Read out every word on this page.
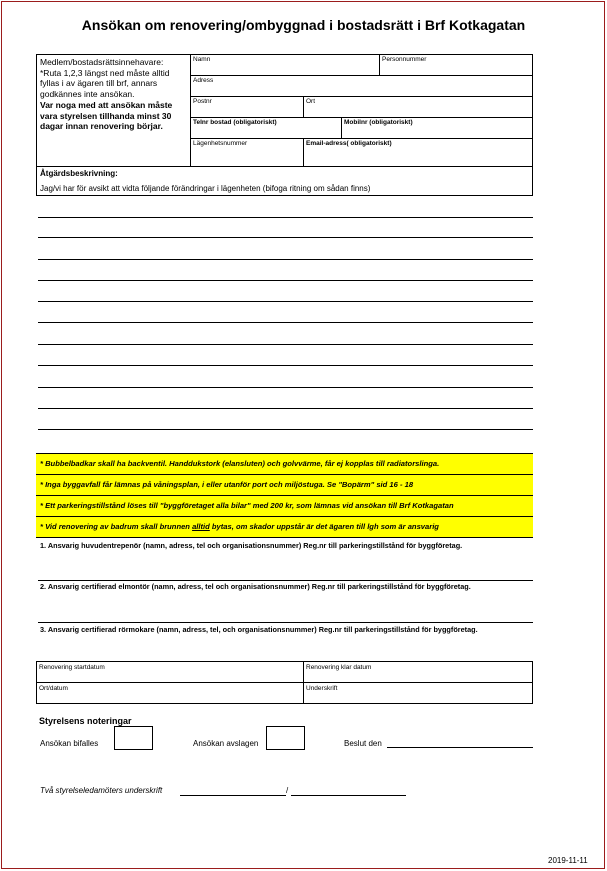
Ansökan om renovering/ombyggnad i bostadsrätt i Brf Kotkagatan
Medlem/bostadsrättsinnehavare:
*Ruta 1,2,3 längst ned måste alltid fyllas i av ägaren till brf, annars godkännes inte ansökan.
Var noga med att ansökan måste vara styrelsen tillhanda minst 30 dagar innan renovering börjar.
Namn	Personnummer
Adress
Postnr	Ort
Telnr bostad (obligatoriskt)	Mobilnr (obligatoriskt)
Lägenhetsnummer	Email-adress( obligatoriskt)
Åtgärdsbeskrivning:
Jag/vi har för avsikt att vidta följande förändringar i lägenheten (bifoga ritning om sådan finns)
* Bubbelbadkar skall ha backventil. Handdukstork (elansluten) och golvvärme, får ej kopplas till radiatorslinga.
* Inga byggavfall får lämnas på våningsplan, i eller utanför port och miljöstuga. Se "Bopärm" sid 16 - 18
* Ett parkeringstillstånd löses till "byggföretaget alla bilar" med 200 kr, som lämnas vid ansökan till Brf Kotkagatan
* Vid renovering av badrum skall brunnen alltid bytas, om skador uppstår är det ägaren till lgh som är ansvarig
1. Ansvarig huvudentrepenör (namn, adress, tel och organisationsnummer) Reg.nr till parkeringstillstånd för byggföretag.
2. Ansvarig certifierad elmontör (namn, adress, tel och organisationsnummer) Reg.nr till parkeringstillstånd för byggföretag.
3. Ansvarig certifierad rörmokare (namn, adress, tel, och organisationsnummer) Reg.nr till parkeringstillstånd för byggföretag.
Renovering startdatum	Renovering klar datum
Ort/datum	Underskrift
Styrelsens noteringar
Ansökan bifalles	Ansökan avslagen	Beslut den
Två styrelseledamöters underskrift	/
2019-11-11
